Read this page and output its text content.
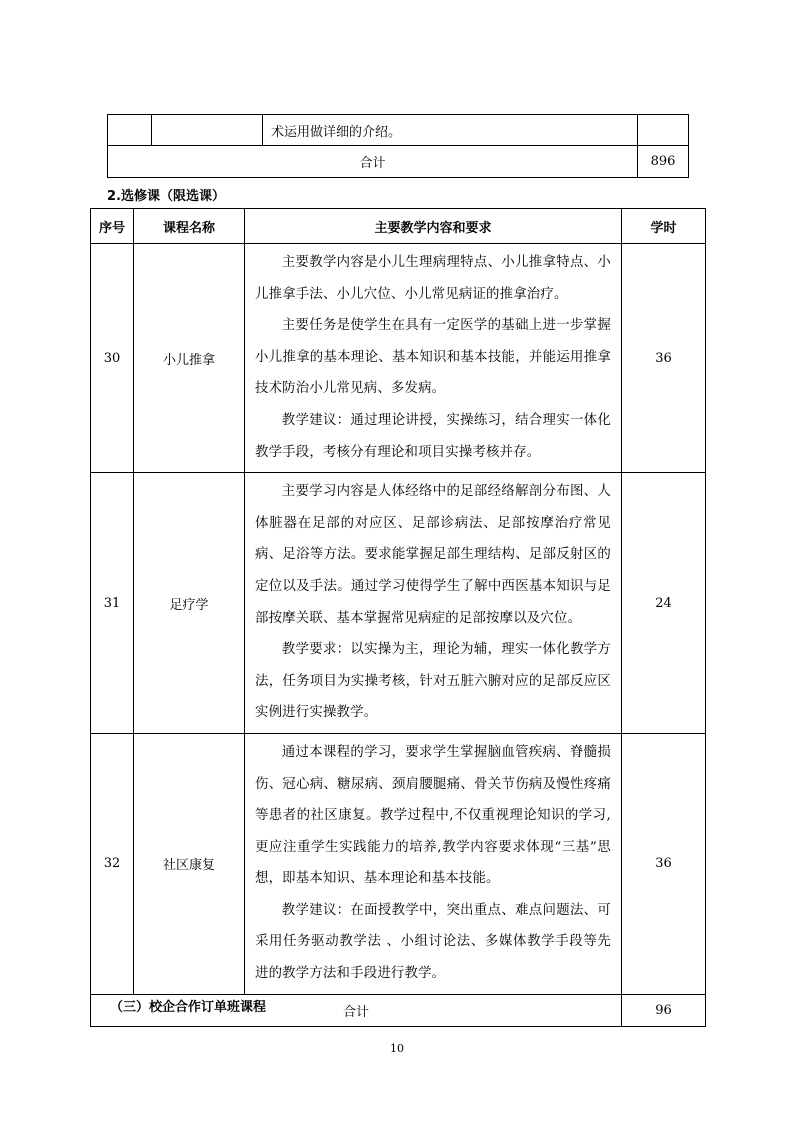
		术运用做详细的介绍。	
合计			896
2.选修课（限选课）
序号	课程名称	主要教学内容和要求	学时
30	小儿推拿	主要教学内容是小儿生理病理特点、小儿推拿特点、小儿推拿手法、小儿穴位、小儿常见病证的推拿治疗。

主要任务是使学生在具有一定医学的基础上进一步掌握小儿推拿的基本理论、基本知识和基本技能，并能运用推拿技术防治小儿常见病、多发病。

教学建议：通过理论讲授，实操练习，结合理实一体化教学手段，考核分有理论和项目实操考核并存。	36
31	足疗学	主要学习内容是人体经络中的足部经络解剖分布图、人体脏器在足部的对应区、足部诊病法、足部按摩治疗常见病、足浴等方法。要求能掌握足部生理结构、足部反射区的定位以及手法。通过学习使得学生了解中西医基本知识与足部按摩关联、基本掌握常见病症的足部按摩以及穴位。

教学要求：以实操为主，理论为辅，理实一体化教学方法，任务项目为实操考核，针对五脏六腑对应的足部反应区实例进行实操教学。	24
32	社区康复	通过本课程的学习，要求学生掌握脑血管疾病、脊髓损伤、冠心病、糖尿病、颈肩腰腿痛、骨关节伤病及慢性疼痛等患者的社区康复。教学过程中,不仅重视理论知识的学习,更应注重学生实践能力的培养,教学内容要求体现“三基”思想，即基本知识、基本理论和基本技能。

教学建议：在面授教学中，突出重点、难点问题法、可采用任务驱动教学法 、小组讨论法、多媒体教学手段等先进的教学方法和手段进行教学。	36
合计			96
（三）校企合作订单班课程
10
